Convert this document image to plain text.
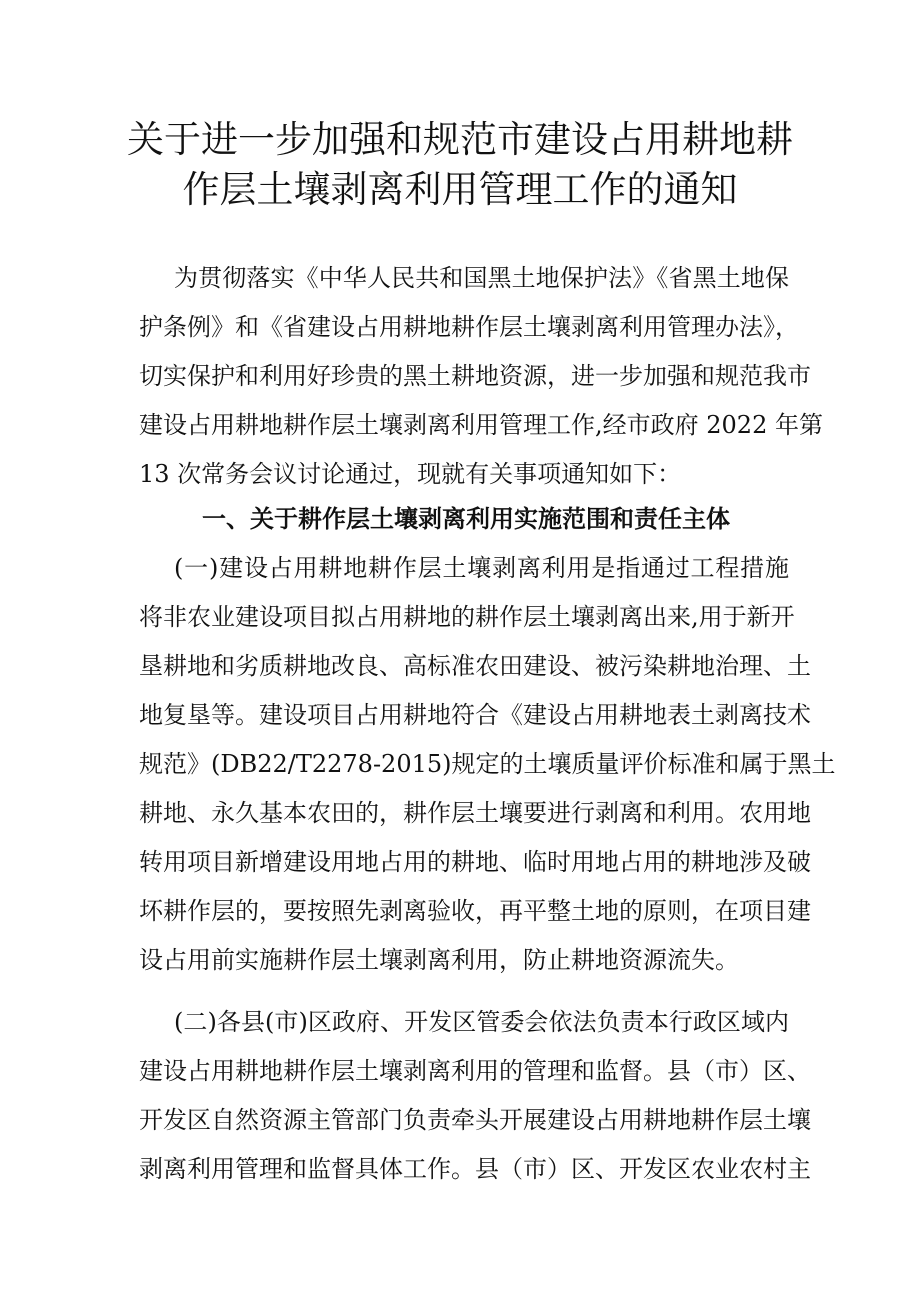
关于进一步加强和规范市建设占用耕地耕
作层土壤剥离利用管理工作的通知
为贯彻落实《中华人民共和国黑土地保护法》《省黑土地保
护条例》和《省建设占用耕地耕作层土壤剥离利用管理办法》，
切实保护和利用好珍贵的黑土耕地资源，进一步加强和规范我市
建设占用耕地耕作层土壤剥离利用管理工作,经市政府 2022 年第
13 次常务会议讨论通过，现就有关事项通知如下：
一、关于耕作层土壤剥离利用实施范围和责任主体
(一)建设占用耕地耕作层土壤剥离利用是指通过工程措施
将非农业建设项目拟占用耕地的耕作层土壤剥离出来,用于新开
垦耕地和劣质耕地改良、高标准农田建设、被污染耕地治理、土
地复垦等。建设项目占用耕地符合《建设占用耕地表土剥离技术
规范》(DB22/T2278-2015)规定的土壤质量评价标准和属于黑土
耕地、永久基本农田的，耕作层土壤要进行剥离和利用。农用地
转用项目新增建设用地占用的耕地、临时用地占用的耕地涉及破
坏耕作层的，要按照先剥离验收，再平整土地的原则，在项目建
设占用前实施耕作层土壤剥离利用，防止耕地资源流失。
(二)各县(市)区政府、开发区管委会依法负责本行政区域内
建设占用耕地耕作层土壤剥离利用的管理和监督。县（市）区、
开发区自然资源主管部门负责牵头开展建设占用耕地耕作层土壤
剥离利用管理和监督具体工作。县（市）区、开发区农业农村主
